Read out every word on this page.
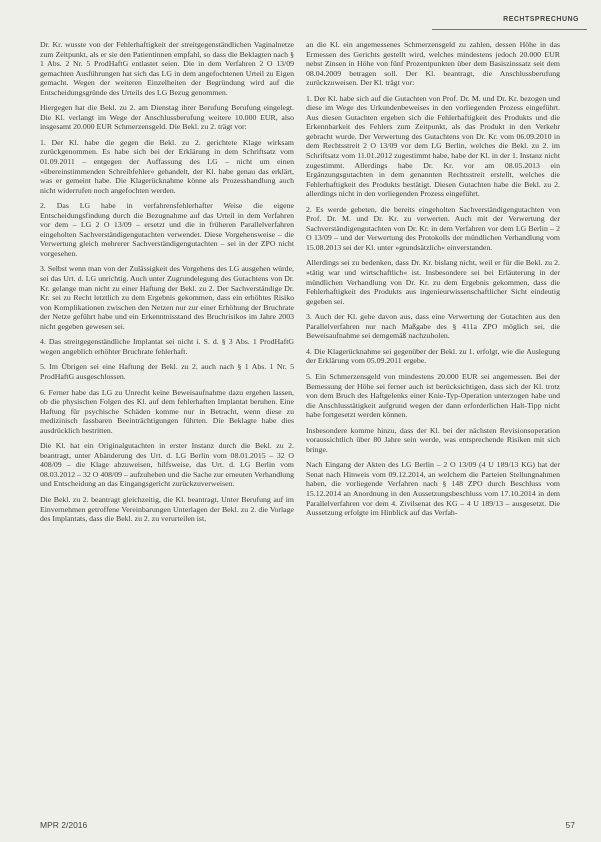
RECHTSPRECHUNG

Dr. Kr. wusste von der Fehlerhaftigkeit der streitgegenständlichen Vaginalnetze zum Zeitpunkt, als er sie den Patientinnen empfahl, so dass die Beklagten nach § 1 Abs. 2 Nr. 5 ProdHaftG entlastet seien. Die in dem Verfahren 2 O 13/09 gemachten Ausführungen hat sich das LG in dem angefochtenen Urteil zu Eigen gemacht. Wegen der weiteren Einzelheiten der Begründung wird auf die Entscheidungsgründe des Urteils des LG Bezug genommen.

Hiergegen hat die Bekl. zu 2. am Dienstag ihrer Berufung Berufung eingelegt. Die Kl. verlangt im Wege der Anschlussberufung weitere 10.000 EUR, also insgesamt 20.000 EUR Schmerzensgeld. Die Bekl. zu 2. trägt vor:

1. Der Kl. habe die gegen die Bekl. zu 2. gerichtete Klage wirksam zurückgenommen. Es habe sich bei der Erklärung in dem Schriftsatz vom 01.09.2011 – entgegen der Auffassung des LG – nicht um einen »übereinstimmenden Schreibfehler« gehandelt, der Kl. habe genau das erklärt, was er gemeint habe. Die Klagerücknahme könne als Prozesshandlung auch nicht widerrufen noch angefochten werden.

2. Das LG habe in verfahrensfehlerhafter Weise die eigene Entscheidungsfindung durch die Bezugnahme auf das Urteil in dem Verfahren vor dem – LG 2 O 13/09 – ersetzt und die in früheren Parallelverfahren eingeholten Sachverständigengutachten verwendet. Diese Vorgehensweise – die Verwertung gleich mehrerer Sachverständigengutachten – sei in der ZPO nicht vorgesehen.

3. Selbst wenn man von der Zulässigkeit des Vorgehens des LG ausgehen würde, sei das Urt. d. LG unrichtig. Auch unter Zugrundelegung des Gutachtens von Dr. Kr. gelange man nicht zu einer Haftung der Bekl. zu 2. Der Sachverständige Dr. Kr. sei zu Recht letztlich zu dem Ergebnis gekommen, dass ein erhöhtes Risiko von Komplikationen zwischen den Netzen nur zur einer Erhöhung der Bruchrate der Netze geführt habe und ein Erkenntnisstand des Bruchrisikos im Jahre 2003 nicht gegeben gewesen sei.

4. Das streitgegenständliche Implantat sei nicht i. S. d. § 3 Abs. 1 ProdHaftG wegen angeblich erhöhter Bruchrate fehlerhaft.

5. Im Übrigen sei eine Haftung der Bekl. zu 2. auch nach § 1 Abs. 1 Nr. 5 ProdHaftG ausgeschlossen.

6. Ferner habe das LG zu Unrecht keine Beweisaufnahme dazu ergehen lassen, ob die physischen Folgen des Kl. auf dem fehlerhaften Implantat beruhen. Eine Haftung für psychische Schäden komme nur in Betracht, wenn diese zu medizinisch fassbaren Beeinträchtigungen führten. Die Beklagte habe dies ausdrücklich bestritten.

Die Kl. hat ein Originalgutachten in erster Instanz durch die Bekl. zu 2. beantragt, unter Abänderung des Urt. d. LG Berlin vom 08.01.2015 – 32 O 408/09 – die Klage abzuweisen, hilfsweise, das Urt. d. LG Berlin vom 08.03.2012 – 32 O 408/09 – aufzuheben und die Sache zur erneuten Verhandlung und Entscheidung an das Eingangsgericht zurückzuverweisen.

Die Bekl. zu 2. beantragt gleichzeitig, die Kl. beantragt, Unter Berufung auf im Einvernehmen getroffene Vereinbarungen Unterlagen der Bekl. zu 2. die Vorlage des Implantats, dass die Bekl. zu 2. zu verurteilen ist,

an die Kl. ein angemessenes Schmerzensgeld zu zahlen, dessen Höhe in das Ermessen des Gerichts gestellt wird, welches mindestens jedoch 20.000 EUR nebst Zinsen in Höhe von fünf Prozentpunkten über dem Basiszinssatz seit dem 08.04.2009 betragen soll. Der Kl. beantragt, die Anschlussberufung zurückzuweisen. Der Kl. trägt vor:

1. Der Kl. habe sich auf die Gutachten von Prof. Dr. M. und Dr. Kr. bezogen und diese im Wege des Urkundenbeweises in den vorliegenden Prozess eingeführt. Aus diesen Gutachten ergeben sich die Fehlerhaftigkeit des Produkts und die Erkennbarkeit des Fehlers zum Zeitpunkt, als das Produkt in den Verkehr gebracht wurde. Der Verwertung des Gutachtens von Dr. Kr. vom 06.09.2010 in dem Rechtsstreit 2 O 13/09 vor dem LG Berlin, welches die Bekl. zu 2. im Schriftsatz vom 11.01.2012 zugestimmt habe, habe der Kl. in der 1. Instanz nicht zugestimmt. Allerdings habe Dr. Kr. vor am 08.05.2013 ein Ergänzungsgutachten in dem genannten Rechtsstreit erstellt, welches die Fehlerhaftigkeit des Produkts bestätigt. Diesen Gutachten habe die Bekl. zu 2. allerdings nicht in den vorliegenden Prozess eingeführt.

2. Es werde gebeten, die bereits eingeholten Sachverständigengutachten von Prof. Dr. M. und Dr. Kr. zu verwerten. Auch mit der Verwertung der Sachverständigengutachten von Dr. Kr. in dem Verfahren vor dem LG Berlin – 2 O 13/09 – und der Verwertung des Protokolls der mündlichen Verhandlung vom 15.08.2013 sei der Kl. unter »grundsätzlich« einverstanden.

Allerdings sei zu bedenken, dass Dr. Kr. bislang nicht, weil er für die Bekl. zu 2. »tätig war und wirtschaftlich« ist. Insbesondere sei bei Erläuterung in der mündlichen Verhandlung von Dr. Kr. zu dem Ergebnis gekommen, dass die Fehlerhaftigkeit des Produkts aus ingenieurwissenschaftlicher Sicht eindeutig gegeben sei.

3. Auch der Kl. gehe davon aus, dass eine Verwertung der Gutachten aus den Parallelverfahren nur nach Maßgabe des § 411a ZPO möglich sei, die Beweisaufnahme sei demgemäß nachzuholen.

4. Die Klagerücknahme sei gegenüber der Bekl. zu 1. erfolgt, wie die Auslegung der Erklärung vom 05.09.2011 ergebe.

5. Ein Schmerzensgeld von mindestens 20.000 EUR sei angemessen. Bei der Bemessung der Höhe sei ferner auch ist berücksichtigen, dass sich der Kl. trotz von dem Bruch des Haftgelenks einer Knie-Typ-Operation unterzogen habe und die Anschlusstätigkeit aufgrund wegen der dann erforderlichen Halt-Tipp nicht habe fortgesetzt werden können.

Insbesondere komme hinzu, dass der Kl. bei der nächsten Revisionsoperation voraussichtlich über 80 Jahre sein werde, was entsprechende Risiken mit sich bringe.

Nach Eingang der Akten des LG Berlin – 2 O 13/09 (4 U 189/13 KG) hat der Senat nach Hinweis vom 09.12.2014, an welchem die Parteien Stellungnahmen haben, die vorliegende Verfahren nach § 148 ZPO durch Beschluss vom 15.12.2014 an Anordnung in den Aussetzungsbeschluss vom 17.10.2014 in dem Parallelverfahren vor dem 4. Zivilsenat des KG – 4 U 189/13 – ausgesetzt. Die Aussetzung erfolgte im Hinblick auf das Verfah-

MPR 2/2016	57
